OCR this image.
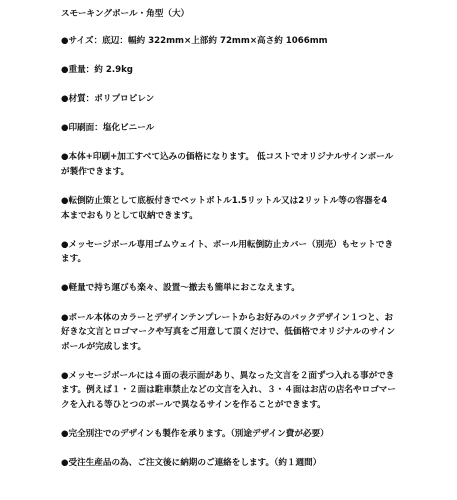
スモーキングポール・角型（大）
●サイズ：底辺：幅約 322mm×上部約 72mm×高さ約 1066mm
●重量：約 2.9kg
●材質：ポリプロピレン
●印刷面：塩化ビニール
●本体+印刷+加工すべて込みの価格になります。 低コストでオリジナルサインポール
が製作できます。
●転倒防止策として底板付きでペットボトル1.5リットル又は2リットル等の容器を4
本までおもりとして収納できます。
●メッセージポール専用ゴムウェイト、ポール用転倒防止カバー（別売）もセットでき
ます。
●軽量で持ち運びも楽々、設置～撤去も簡単におこなえます。
●ポール本体のカラーとデザインテンプレートからお好みのバックデザイン１つと、お
好きな文言とロゴマークや写真をご用意して頂くだけで、低価格でオリジナルのサイン
ポールが完成します。
●メッセージポールには４面の表示面があり、異なった文言を２面ずつ入れる事ができ
ます。例えば１・２面は駐車禁止などの文言を入れ、３・４面はお店の店名やロゴマー
クを入れる等ひとつのポールで異なるサインを作ることができます。
●完全別注でのデザインも製作を承ります。（別途デザイン費が必要）
●受注生産品の為、ご注文後に納期のご連絡をします。（約１週間）
